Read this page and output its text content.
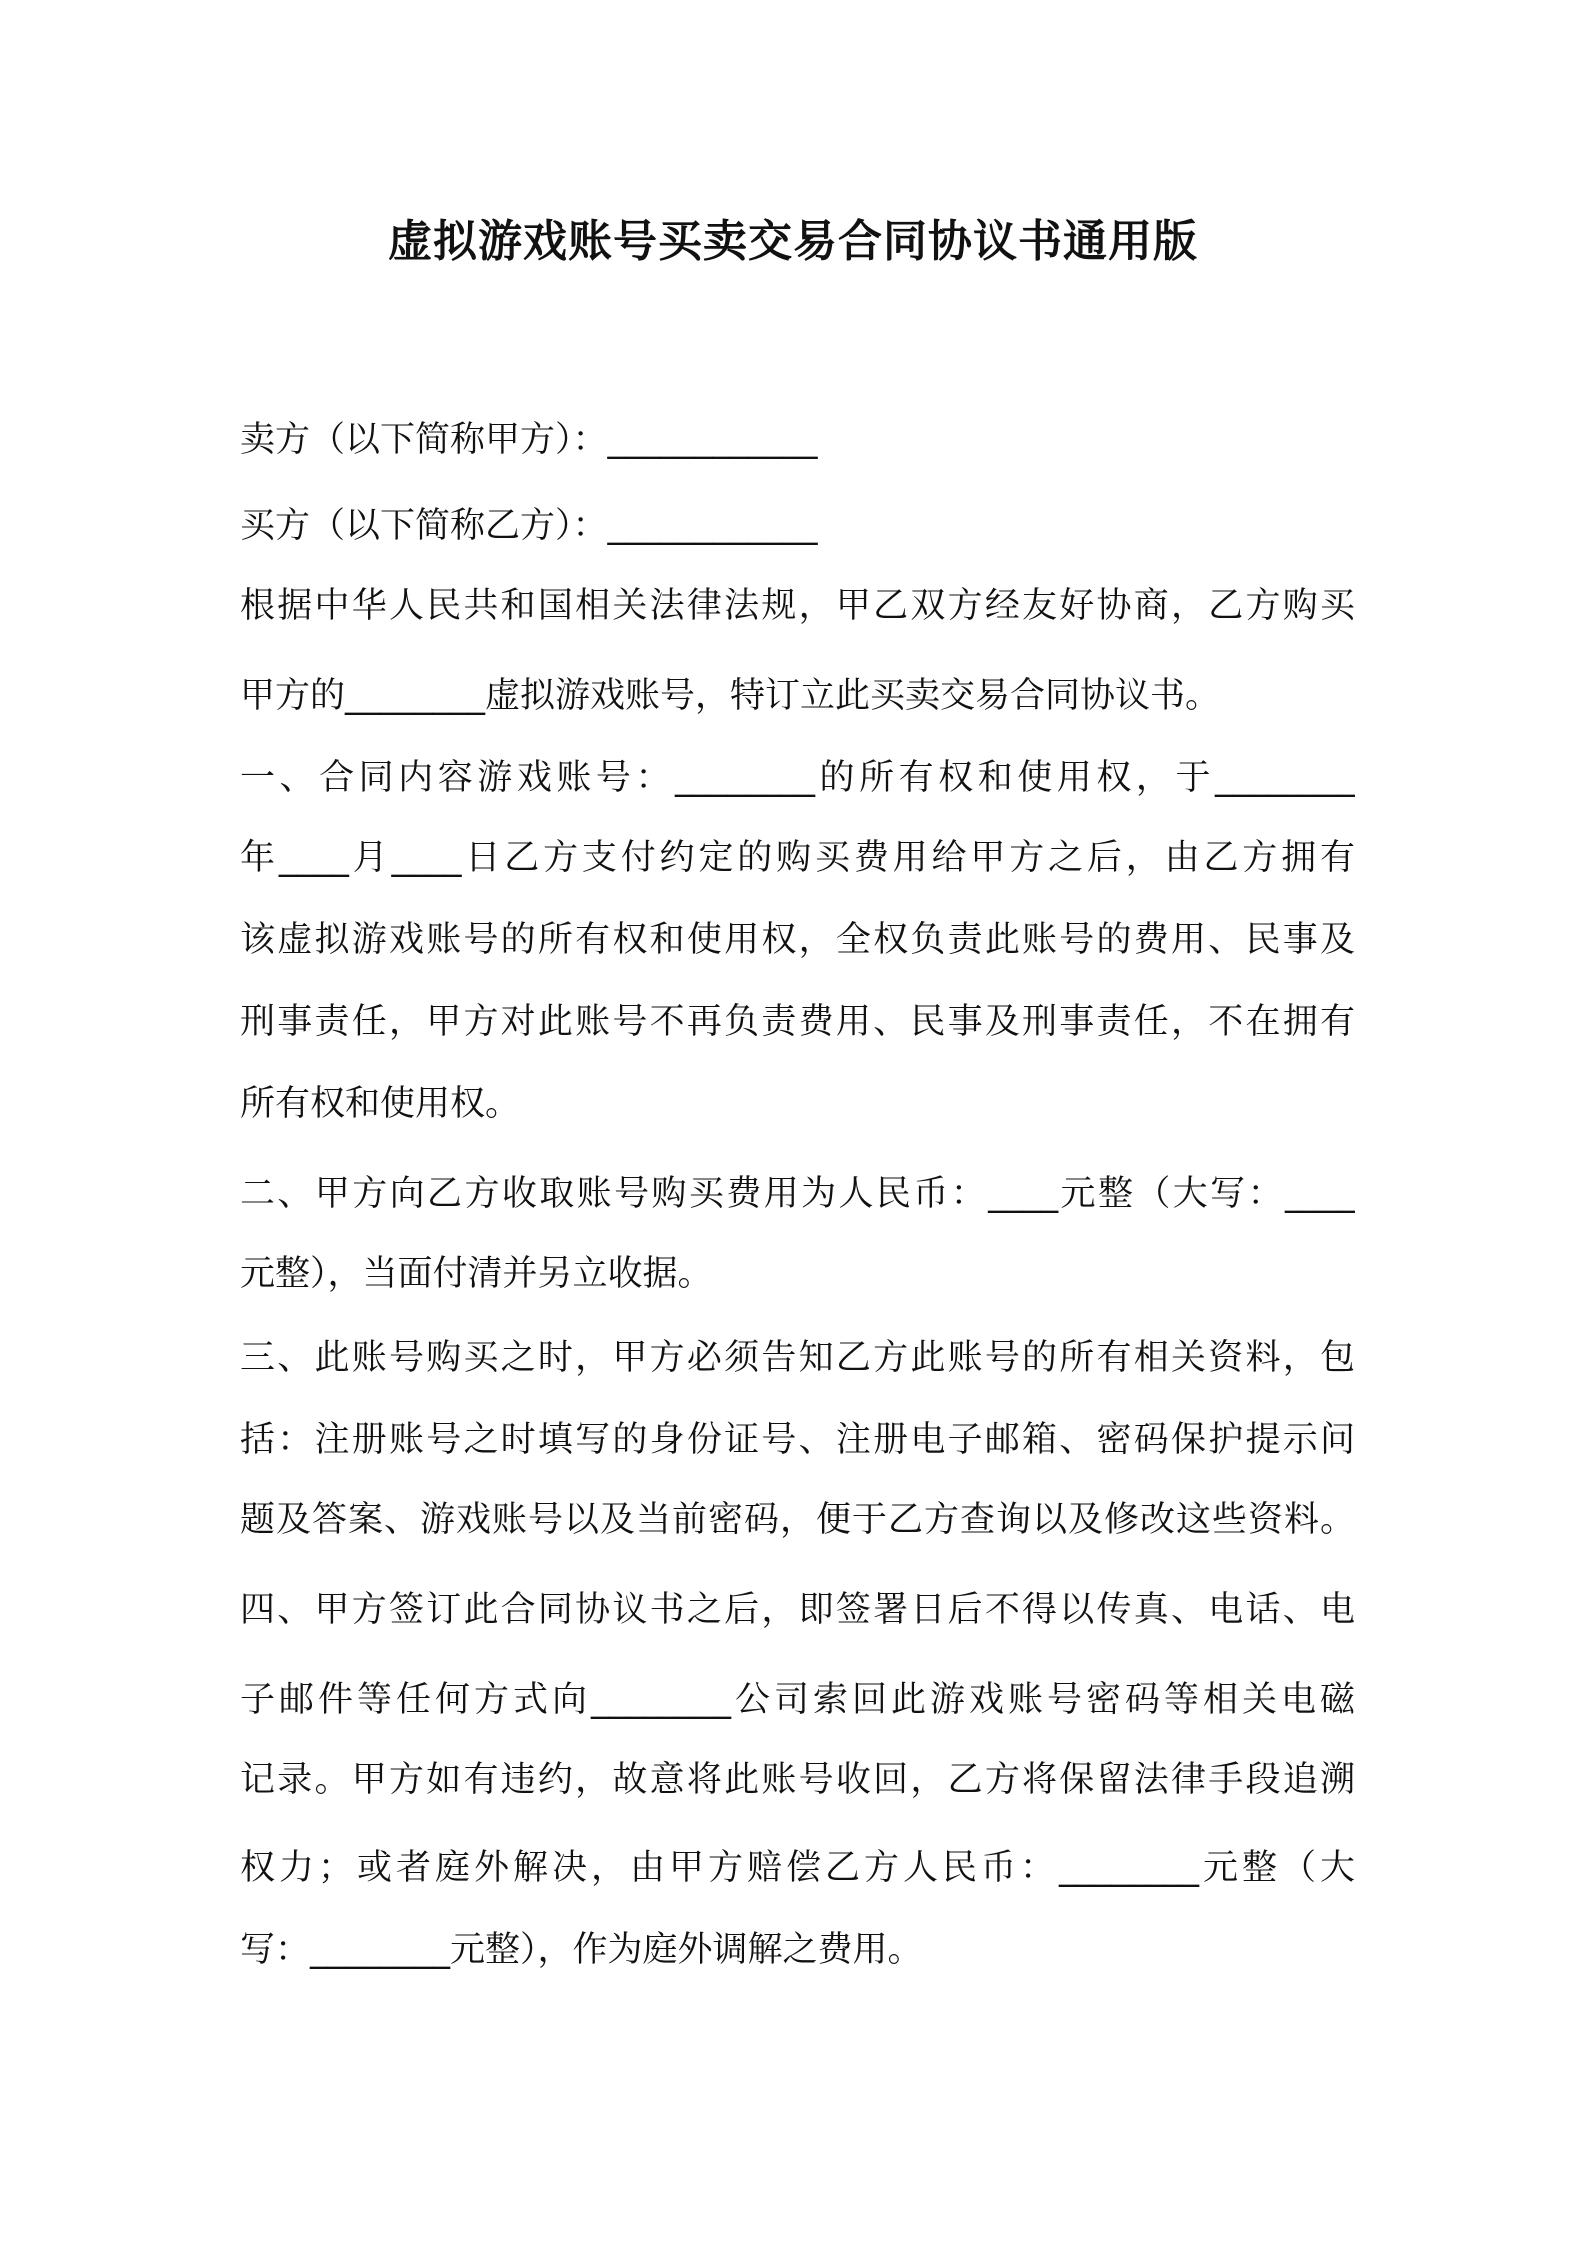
虚拟游戏账号买卖交易合同协议书通用版
卖方（以下简称甲方）：____________
买方（以下简称乙方）：____________
根据中华人民共和国相关法律法规，甲乙双方经友好协商，乙方购买
甲方的________虚拟游戏账号，特订立此买卖交易合同协议书。
一、合同内容游戏账号：________的所有权和使用权，于________
年____月____日乙方支付约定的购买费用给甲方之后，由乙方拥有
该虚拟游戏账号的所有权和使用权，全权负责此账号的费用、民事及
刑事责任，甲方对此账号不再负责费用、民事及刑事责任，不在拥有
所有权和使用权。
二、甲方向乙方收取账号购买费用为人民币：____元整（大写：____
元整），当面付清并另立收据。
三、此账号购买之时，甲方必须告知乙方此账号的所有相关资料，包
括：注册账号之时填写的身份证号、注册电子邮箱、密码保护提示问
题及答案、游戏账号以及当前密码，便于乙方查询以及修改这些资料。
四、甲方签订此合同协议书之后，即签署日后不得以传真、电话、电
子邮件等任何方式向________公司索回此游戏账号密码等相关电磁
记录。甲方如有违约，故意将此账号收回，乙方将保留法律手段追溯
权力；或者庭外解决，由甲方赔偿乙方人民币：________元整（大
写：________元整），作为庭外调解之费用。
